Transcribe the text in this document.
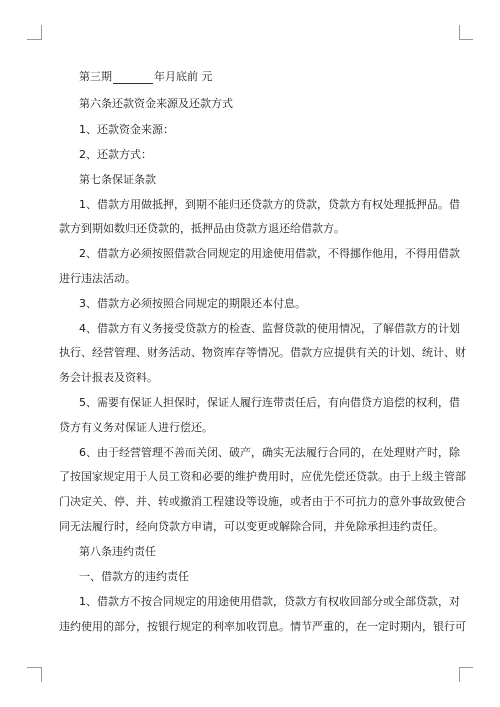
第三期	年月底前 元
第六条还款资金来源及还款方式
1、还款资金来源：
2、还款方式：
第七条保证条款
1、借款方用做抵押，到期不能归还贷款方的贷款，贷款方有权处理抵押品。借
款方到期如数归还贷款的，抵押品由贷款方退还给借款方。
2、借款方必须按照借款合同规定的用途使用借款，不得挪作他用，不得用借款
进行违法活动。
3、借款方必须按照合同规定的期限还本付息。
4、借款方有义务接受贷款方的检查、监督贷款的使用情况，了解借款方的计划
执行、经营管理、财务活动、物资库存等情况。借款方应提供有关的计划、统计、财
务会计报表及资料。
5、需要有保证人担保时，保证人履行连带责任后，有向借贷方追偿的权利，借
贷方有义务对保证人进行偿还。
6、由于经营管理不善而关闭、破产，确实无法履行合同的，在处理财产时，除
了按国家规定用于人员工资和必要的维护费用时，应优先偿还贷款。由于上级主管部
门决定关、停、并、转或撤消工程建设等设施，或者由于不可抗力的意外事故致使合
同无法履行时，经向贷款方申请，可以变更或解除合同，并免除承担违约责任。
第八条违约责任
一、借款方的违约责任
1、借款方不按合同规定的用途使用借款，贷款方有权收回部分或全部贷款，对
违约使用的部分，按银行规定的利率加收罚息。情节严重的，在一定时期内，银行可
